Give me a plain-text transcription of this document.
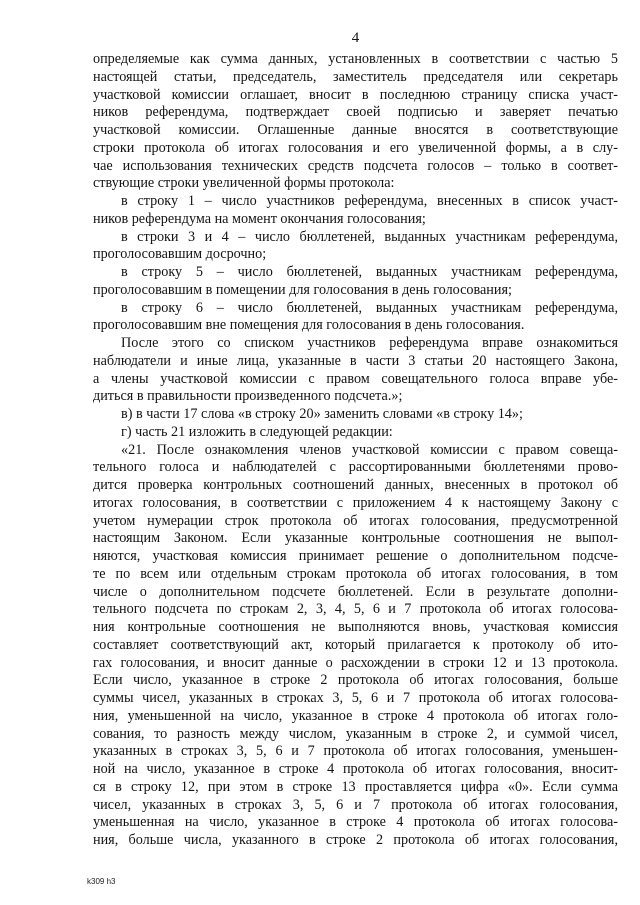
4
определяемые как сумма данных, установленных в соответствии с частью 5
настоящей статьи, председатель, заместитель председателя или секретарь
участковой комиссии оглашает, вносит в последнюю страницу списка участ-
ников референдума, подтверждает своей подписью и заверяет печатью
участковой комиссии. Оглашенные данные вносятся в соответствующие
строки протокола об итогах голосования и его увеличенной формы, а в слу-
чае использования технических средств подсчета голосов – только в соответ-
ствующие строки увеличенной формы протокола:
в строку 1 – число участников референдума, внесенных в список участ-
ников референдума на момент окончания голосования;
в строки 3 и 4 – число бюллетеней, выданных участникам референдума,
проголосовавшим досрочно;
в строку 5 – число бюллетеней, выданных участникам референдума,
проголосовавшим в помещении для голосования в день голосования;
в строку 6 – число бюллетеней, выданных участникам референдума,
проголосовавшим вне помещения для голосования в день голосования.
После этого со списком участников референдума вправе ознакомиться
наблюдатели и иные лица, указанные в части 3 статьи 20 настоящего Закона,
а члены участковой комиссии с правом совещательного голоса вправе убе-
диться в правильности произведенного подсчета.»;
в) в части 17 слова «в строку 20» заменить словами «в строку 14»;
г) часть 21 изложить в следующей редакции:
«21. После ознакомления членов участковой комиссии с правом совеща-
тельного голоса и наблюдателей с рассортированными бюллетенями прово-
дится проверка контрольных соотношений данных, внесенных в протокол об
итогах голосования, в соответствии с приложением 4 к настоящему Закону с
учетом нумерации строк протокола об итогах голосования, предусмотренной
настоящим Законом. Если указанные контрольные соотношения не выпол-
няются, участковая комиссия принимает решение о дополнительном подсче-
те по всем или отдельным строкам протокола об итогах голосования, в том
числе о дополнительном подсчете бюллетеней. Если в результате дополни-
тельного подсчета по строкам 2, 3, 4, 5, 6 и 7 протокола об итогах голосова-
ния контрольные соотношения не выполняются вновь, участковая комиссия
составляет соответствующий акт, который прилагается к протоколу об ито-
гах голосования, и вносит данные о расхождении в строки 12 и 13 протокола.
Если число, указанное в строке 2 протокола об итогах голосования, больше
суммы чисел, указанных в строках 3, 5, 6 и 7 протокола об итогах голосова-
ния, уменьшенной на число, указанное в строке 4 протокола об итогах голо-
сования, то разность между числом, указанным в строке 2, и суммой чисел,
указанных в строках 3, 5, 6 и 7 протокола об итогах голосования, уменьшен-
ной на число, указанное в строке 4 протокола об итогах голосования, вносит-
ся в строку 12, при этом в строке 13 проставляется цифра «0». Если сумма
чисел, указанных в строках 3, 5, 6 и 7 протокола об итогах голосования,
уменьшенная на число, указанное в строке 4 протокола об итогах голосова-
ния, больше числа, указанного в строке 2 протокола об итогах голосования,
k309 h3
